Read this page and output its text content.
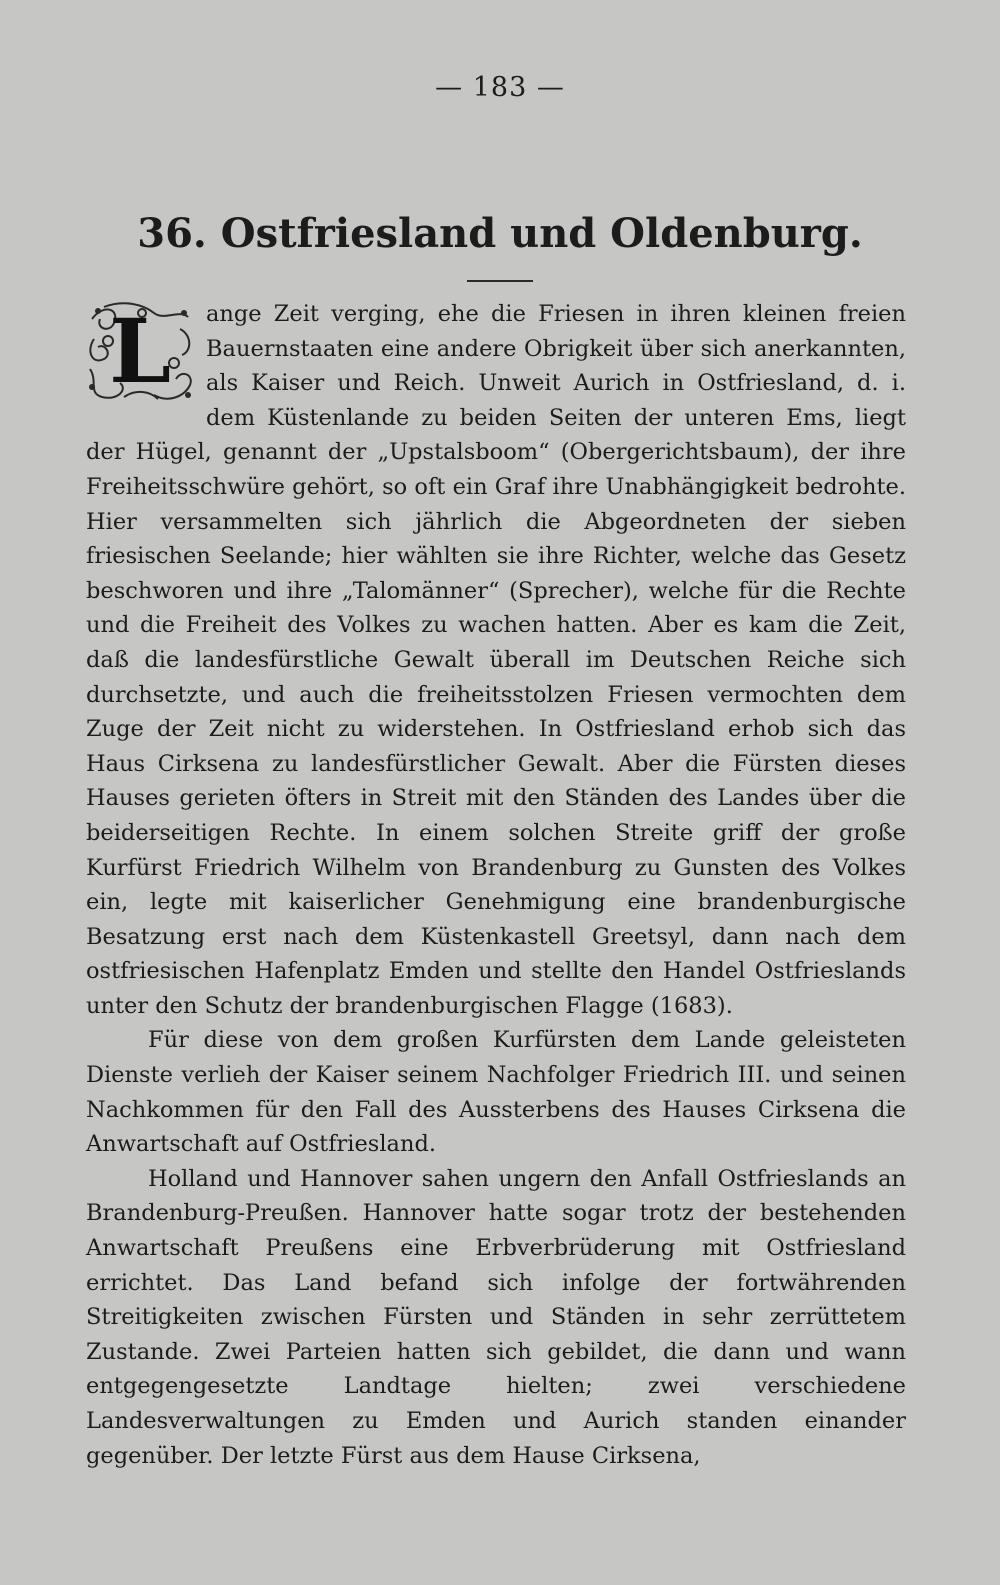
— 183 —
36. Ostfriesland und Oldenburg.

L	ange Zeit verging, ehe die Friesen in ihren kleinen freien Bauernstaaten eine andere Obrigkeit über sich anerkannten, als Kaiser und Reich. Unweit Aurich in Ostfriesland, d. i. dem Küstenlande zu beiden Seiten der unteren Ems, liegt der Hügel, genannt der „Upstalsboom“ (Obergerichtsbaum), der ihre Freiheitsschwüre gehört, so oft ein Graf ihre Unabhängigkeit bedrohte. Hier versammelten sich jährlich die Abgeordneten der sieben friesischen Seelande; hier wählten sie ihre Richter, welche das Gesetz beschworen und ihre „Talomänner“ (Sprecher), welche für die Rechte und die Freiheit des Volkes zu wachen hatten. Aber es kam die Zeit, daß die landesfürstliche Gewalt überall im Deutschen Reiche sich durchsetzte, und auch die freiheitsstolzen Friesen vermochten dem Zuge der Zeit nicht zu widerstehen. In Ostfriesland erhob sich das Haus Cirksena zu landesfürstlicher Gewalt. Aber die Fürsten dieses Hauses gerieten öfters in Streit mit den Ständen des Landes über die beiderseitigen Rechte. In einem solchen Streite griff der große Kurfürst Friedrich Wilhelm von Brandenburg zu Gunsten des Volkes ein, legte mit kaiserlicher Genehmigung eine brandenburgische Besatzung erst nach dem Küstenkastell Greetsyl, dann nach dem ostfriesischen Hafenplatz Emden und stellte den Handel Ostfrieslands unter den Schutz der brandenburgischen Flagge (1683).

Für diese von dem großen Kurfürsten dem Lande geleisteten Dienste verlieh der Kaiser seinem Nachfolger Friedrich III. und seinen Nachkommen für den Fall des Aussterbens des Hauses Cirksena die Anwartschaft auf Ostfriesland.

Holland und Hannover sahen ungern den Anfall Ostfrieslands an Brandenburg-Preußen. Hannover hatte sogar trotz der bestehenden Anwartschaft Preußens eine Erbverbrüderung mit Ostfriesland errichtet. Das Land befand sich infolge der fortwährenden Streitigkeiten zwischen Fürsten und Ständen in sehr zerrüttetem Zustande. Zwei Parteien hatten sich gebildet, die dann und wann entgegengesetzte Landtage hielten; zwei verschiedene Landesverwaltungen zu Emden und Aurich standen einander gegenüber. Der letzte Fürst aus dem Hause Cirksena,
